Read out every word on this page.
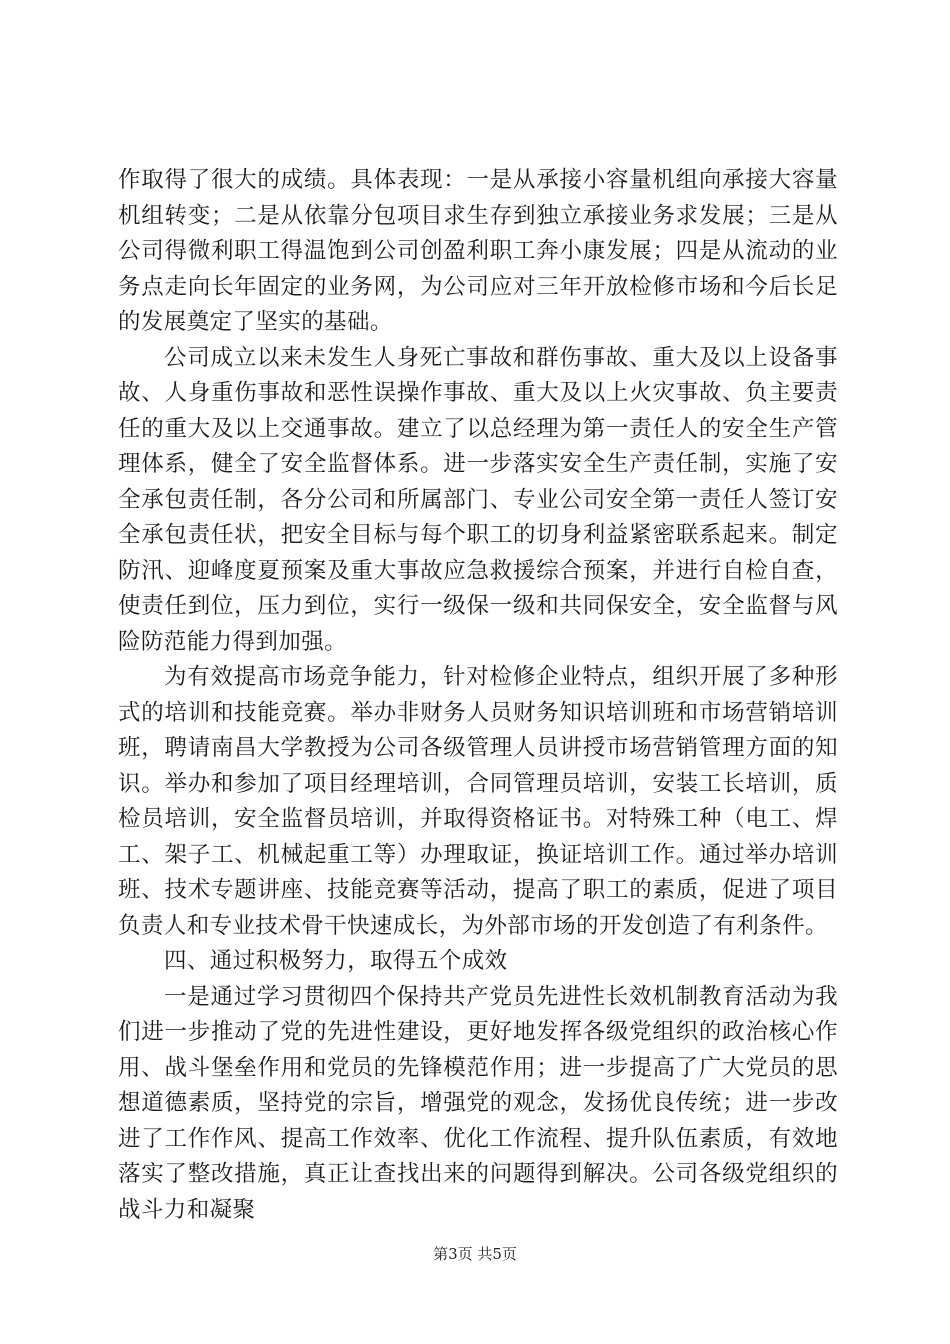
作取得了很大的成绩。具体表现：一是从承接小容量机组向承接大容量机组转变；二是从依靠分包项目求生存到独立承接业务求发展；三是从公司得微利职工得温饱到公司创盈利职工奔小康发展；四是从流动的业务点走向长年固定的业务网，为公司应对三年开放检修市场和今后长足的发展奠定了坚实的基础。

公司成立以来未发生人身死亡事故和群伤事故、重大及以上设备事故、人身重伤事故和恶性误操作事故、重大及以上火灾事故、负主要责任的重大及以上交通事故。建立了以总经理为第一责任人的安全生产管理体系，健全了安全监督体系。进一步落实安全生产责任制，实施了安全承包责任制，各分公司和所属部门、专业公司安全第一责任人签订安全承包责任状，把安全目标与每个职工的切身利益紧密联系起来。制定防汛、迎峰度夏预案及重大事故应急救援综合预案，并进行自检自查，使责任到位，压力到位，实行一级保一级和共同保安全，安全监督与风险防范能力得到加强。

为有效提高市场竞争能力，针对检修企业特点，组织开展了多种形式的培训和技能竞赛。举办非财务人员财务知识培训班和市场营销培训班，聘请南昌大学教授为公司各级管理人员讲授市场营销管理方面的知识。举办和参加了项目经理培训，合同管理员培训，安装工长培训，质检员培训，安全监督员培训，并取得资格证书。对特殊工种（电工、焊工、架子工、机械起重工等）办理取证，换证培训工作。通过举办培训班、技术专题讲座、技能竞赛等活动，提高了职工的素质，促进了项目负责人和专业技术骨干快速成长，为外部市场的开发创造了有利条件。

四、通过积极努力，取得五个成效

一是通过学习贯彻四个保持共产党员先进性长效机制教育活动为我们进一步推动了党的先进性建设，更好地发挥各级党组织的政治核心作用、战斗堡垒作用和党员的先锋模范作用；进一步提高了广大党员的思想道德素质，坚持党的宗旨，增强党的观念，发扬优良传统；进一步改进了工作作风、提高工作效率、优化工作流程、提升队伍素质，有效地落实了整改措施，真正让查找出来的问题得到解决。公司各级党组织的战斗力和凝聚

第3页 共5页
